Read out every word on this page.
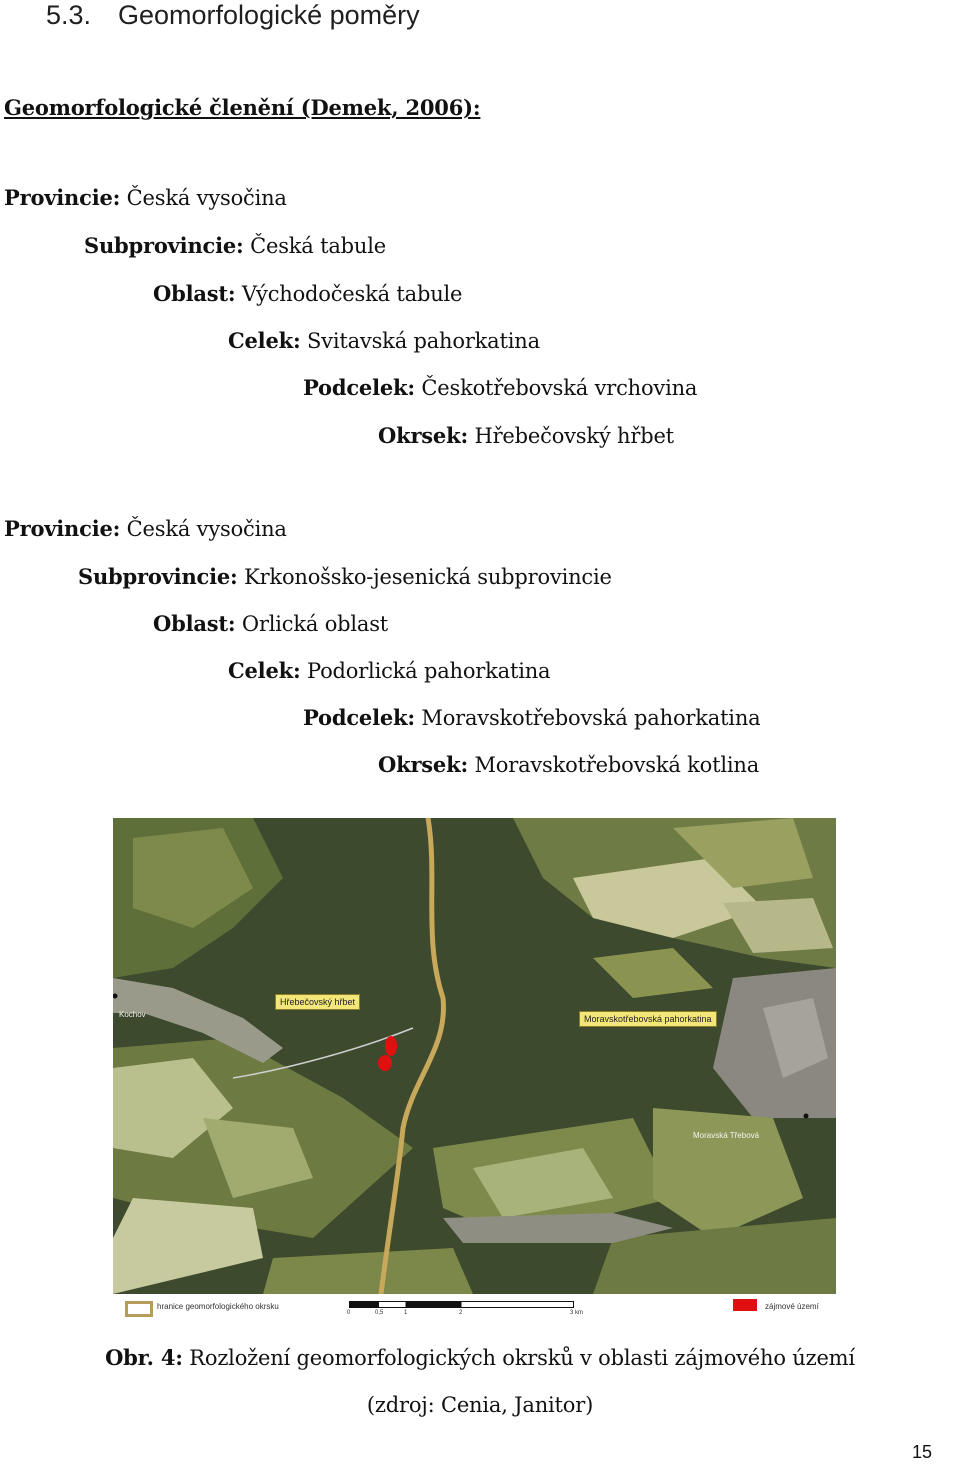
5.3. Geomorfologické poměry
Geomorfologické členění (Demek, 2006):
Provincie: Česká vysočina
Subprovincie: Česká tabule
Oblast: Východočeská tabule
Celek: Svitavská pahorkatina
Podcelek: Českotřebovská vrchovina
Okrsek: Hřebečovský hřbet
Provincie: Česká vysočina
Subprovincie: Krkonošsko-jesenická subprovincie
Oblast: Orlická oblast
Celek: Podorlická pahorkatina
Podcelek: Moravskotřebovská pahorkatina
Okrsek: Moravskotřebovská kotlina
Hřebečovský hřbet
Moravskotřebovská pahorkatina
Kochov
Moravská Třebová
hranice geomorfologického okrsku
0	0,5	1	2	3 km
zájmové území
Obr. 4: Rozložení geomorfologických okrsků v oblasti zájmového území
(zdroj: Cenia, Janitor)
15
